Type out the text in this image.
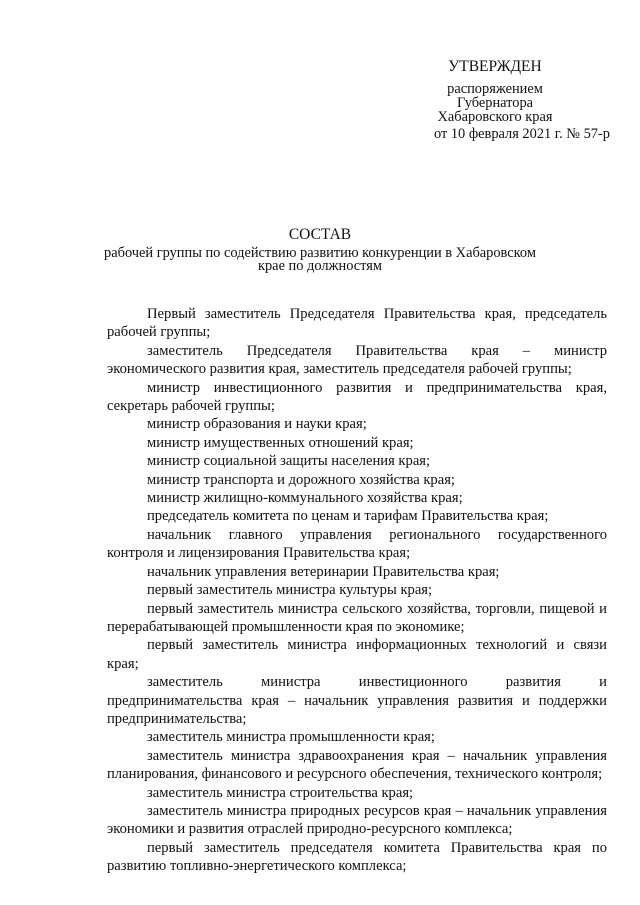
УТВЕРЖДЕН
распоряжением
Губернатора
Хабаровского края
от 10 февраля 2021 г. № 57-р
СОСТАВ
рабочей группы по содействию развитию конкуренции в Хабаровском крае по должностям

Первый заместитель Председателя Правительства края, председатель рабочей группы;

заместитель Председателя Правительства края – министр экономического развития края, заместитель председателя рабочей группы;

министр инвестиционного развития и предпринимательства края, секретарь рабочей группы;

министр образования и науки края;

министр имущественных отношений края;

министр социальной защиты населения края;

министр транспорта и дорожного хозяйства края;

министр жилищно-коммунального хозяйства края;

председатель комитета по ценам и тарифам Правительства края;

начальник главного управления регионального государственного контроля и лицензирования Правительства края;

начальник управления ветеринарии Правительства края;

первый заместитель министра культуры края;

первый заместитель министра сельского хозяйства, торговли, пищевой и перерабатывающей промышленности края по экономике;

первый заместитель министра информационных технологий и связи края;

заместитель министра инвестиционного развития и предпринимательства края – начальник управления развития и поддержки предпринимательства;

заместитель министра промышленности края;

заместитель министра здравоохранения края – начальник управления планирования, финансового и ресурсного обеспечения, технического контроля;

заместитель министра строительства края;

заместитель министра природных ресурсов края – начальник управления экономики и развития отраслей природно-ресурсного комплекса;

первый заместитель председателя комитета Правительства края по развитию топливно-энергетического комплекса;
